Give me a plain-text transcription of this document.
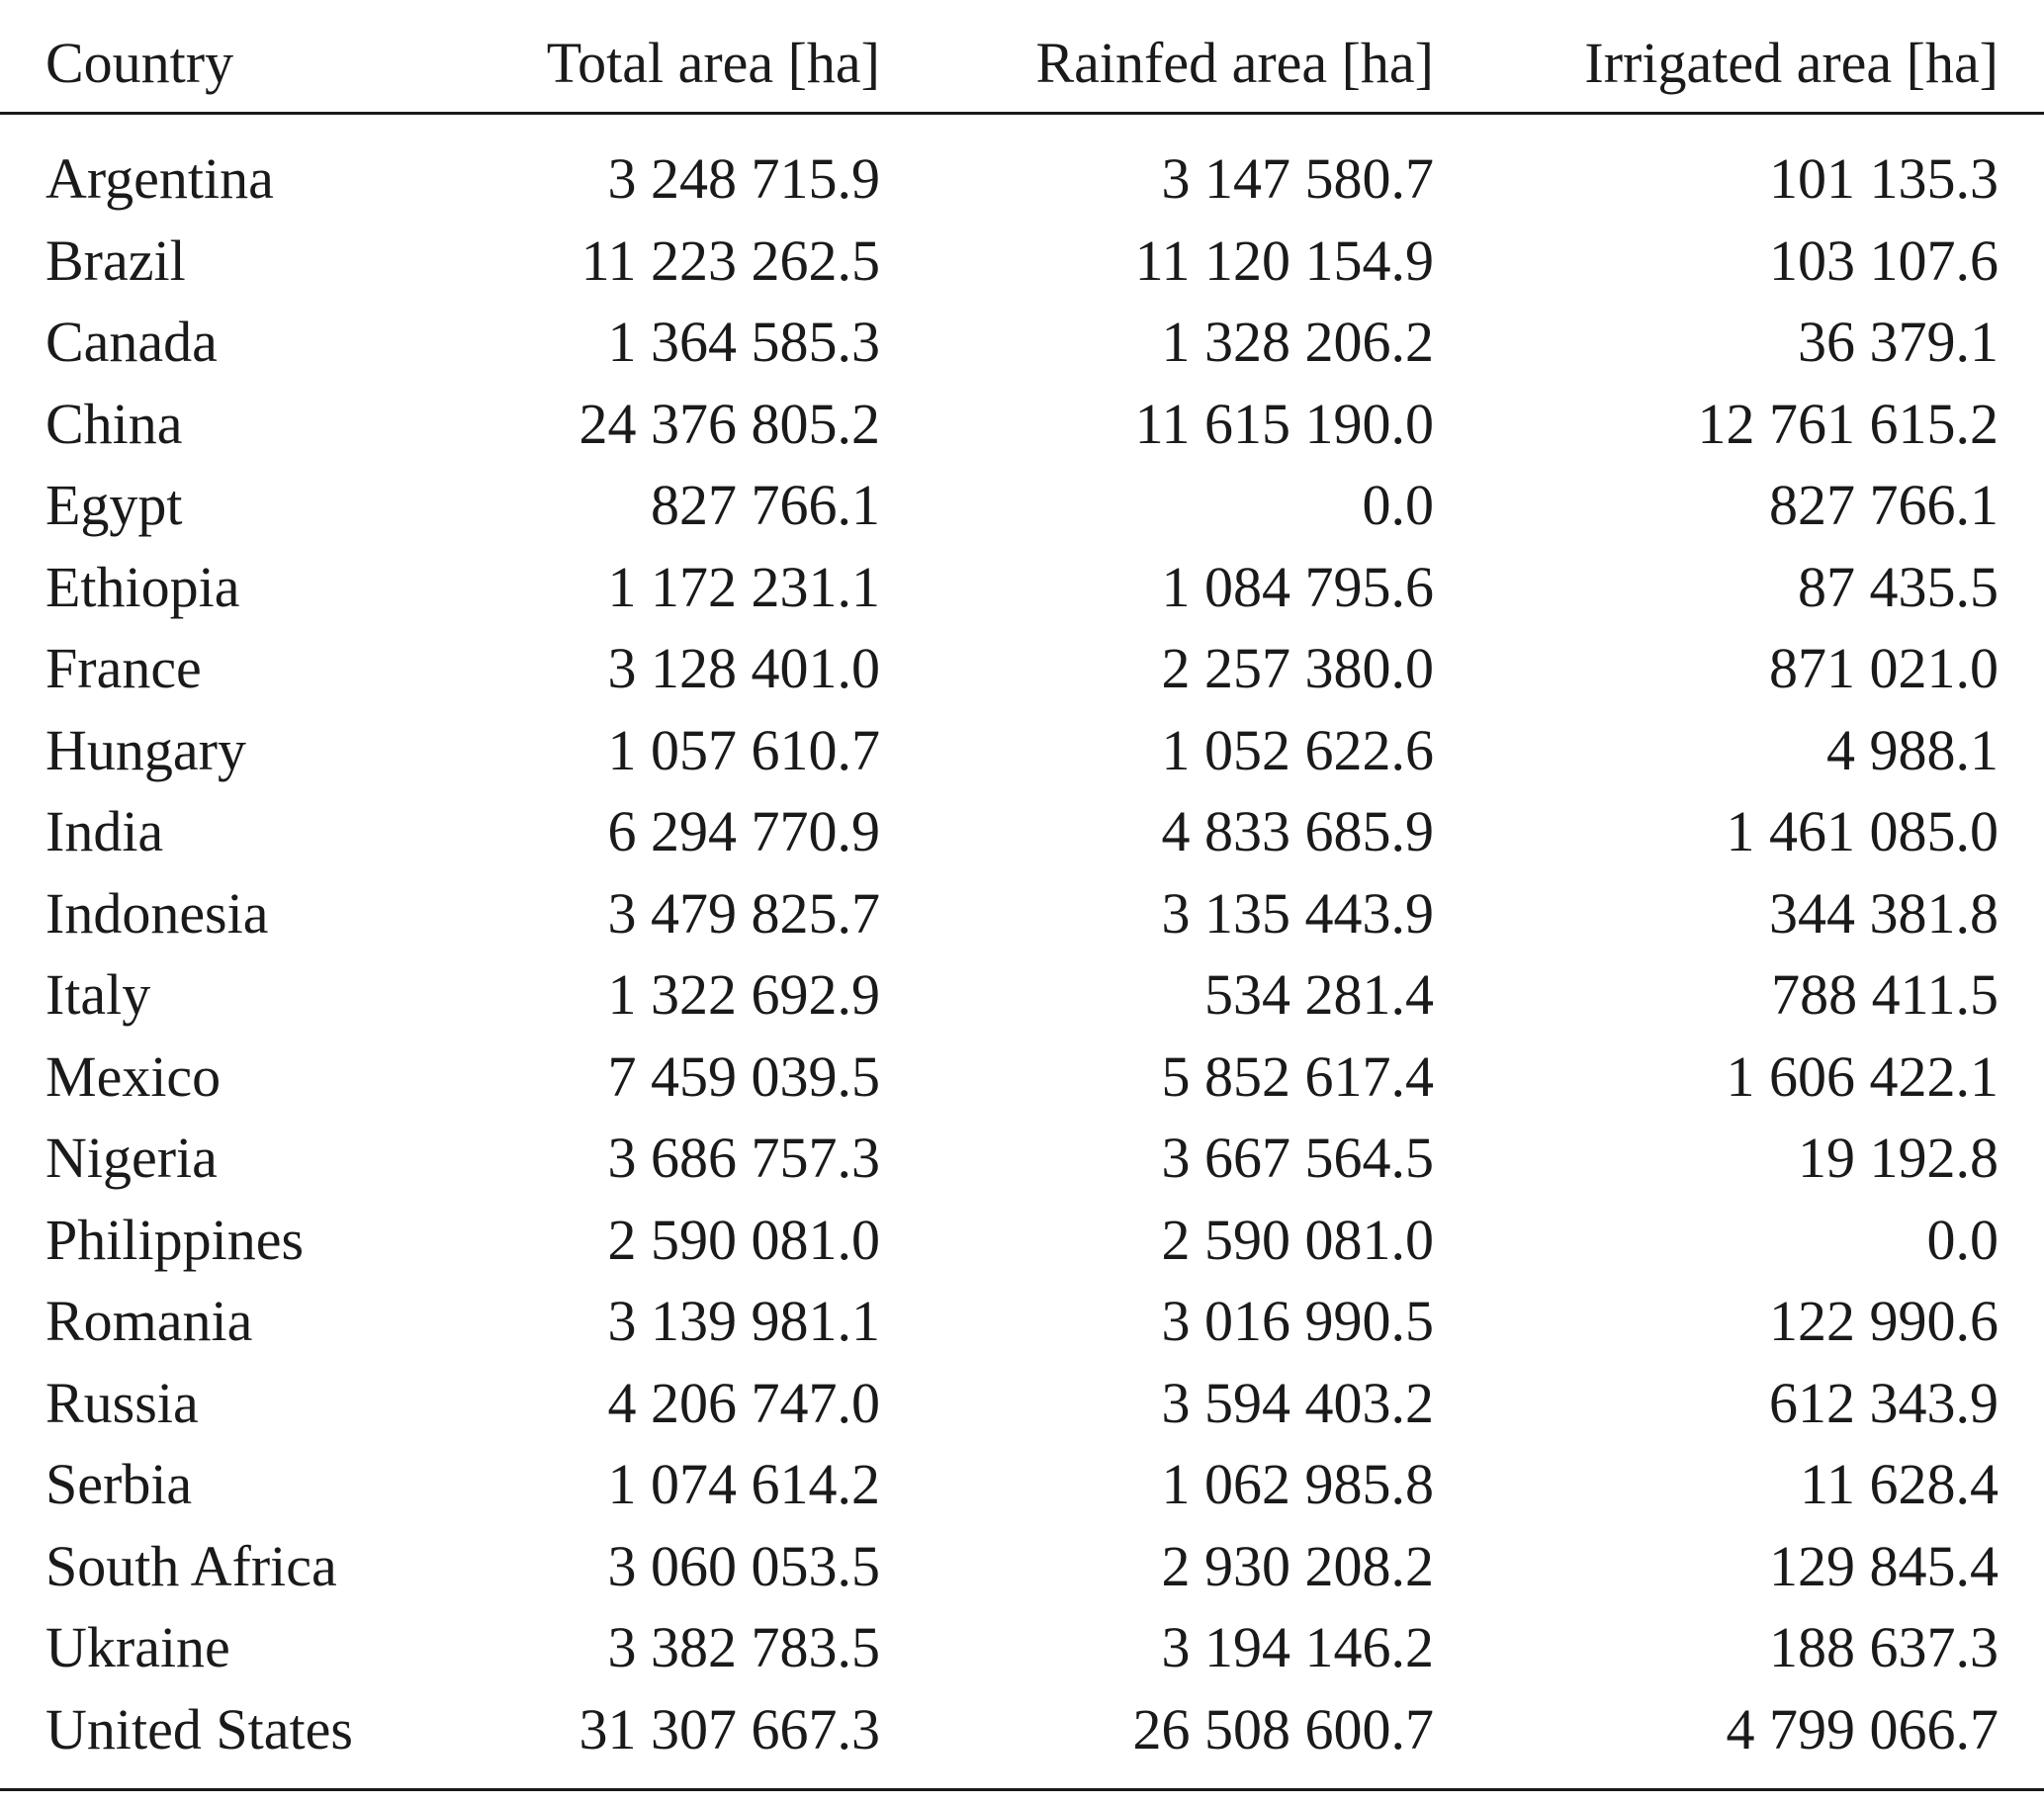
Country	Total area [ha]	Rainfed area [ha]	Irrigated area [ha]
Argentina	3 248 715.9	3 147 580.7	101 135.3
Brazil	11 223 262.5	11 120 154.9	103 107.6
Canada	1 364 585.3	1 328 206.2	36 379.1
China	24 376 805.2	11 615 190.0	12 761 615.2
Egypt	827 766.1	0.0	827 766.1
Ethiopia	1 172 231.1	1 084 795.6	87 435.5
France	3 128 401.0	2 257 380.0	871 021.0
Hungary	1 057 610.7	1 052 622.6	4 988.1
India	6 294 770.9	4 833 685.9	1 461 085.0
Indonesia	3 479 825.7	3 135 443.9	344 381.8
Italy	1 322 692.9	534 281.4	788 411.5
Mexico	7 459 039.5	5 852 617.4	1 606 422.1
Nigeria	3 686 757.3	3 667 564.5	19 192.8
Philippines	2 590 081.0	2 590 081.0	0.0
Romania	3 139 981.1	3 016 990.5	122 990.6
Russia	4 206 747.0	3 594 403.2	612 343.9
Serbia	1 074 614.2	1 062 985.8	11 628.4
South Africa	3 060 053.5	2 930 208.2	129 845.4
Ukraine	3 382 783.5	3 194 146.2	188 637.3
United States	31 307 667.3	26 508 600.7	4 799 066.7
